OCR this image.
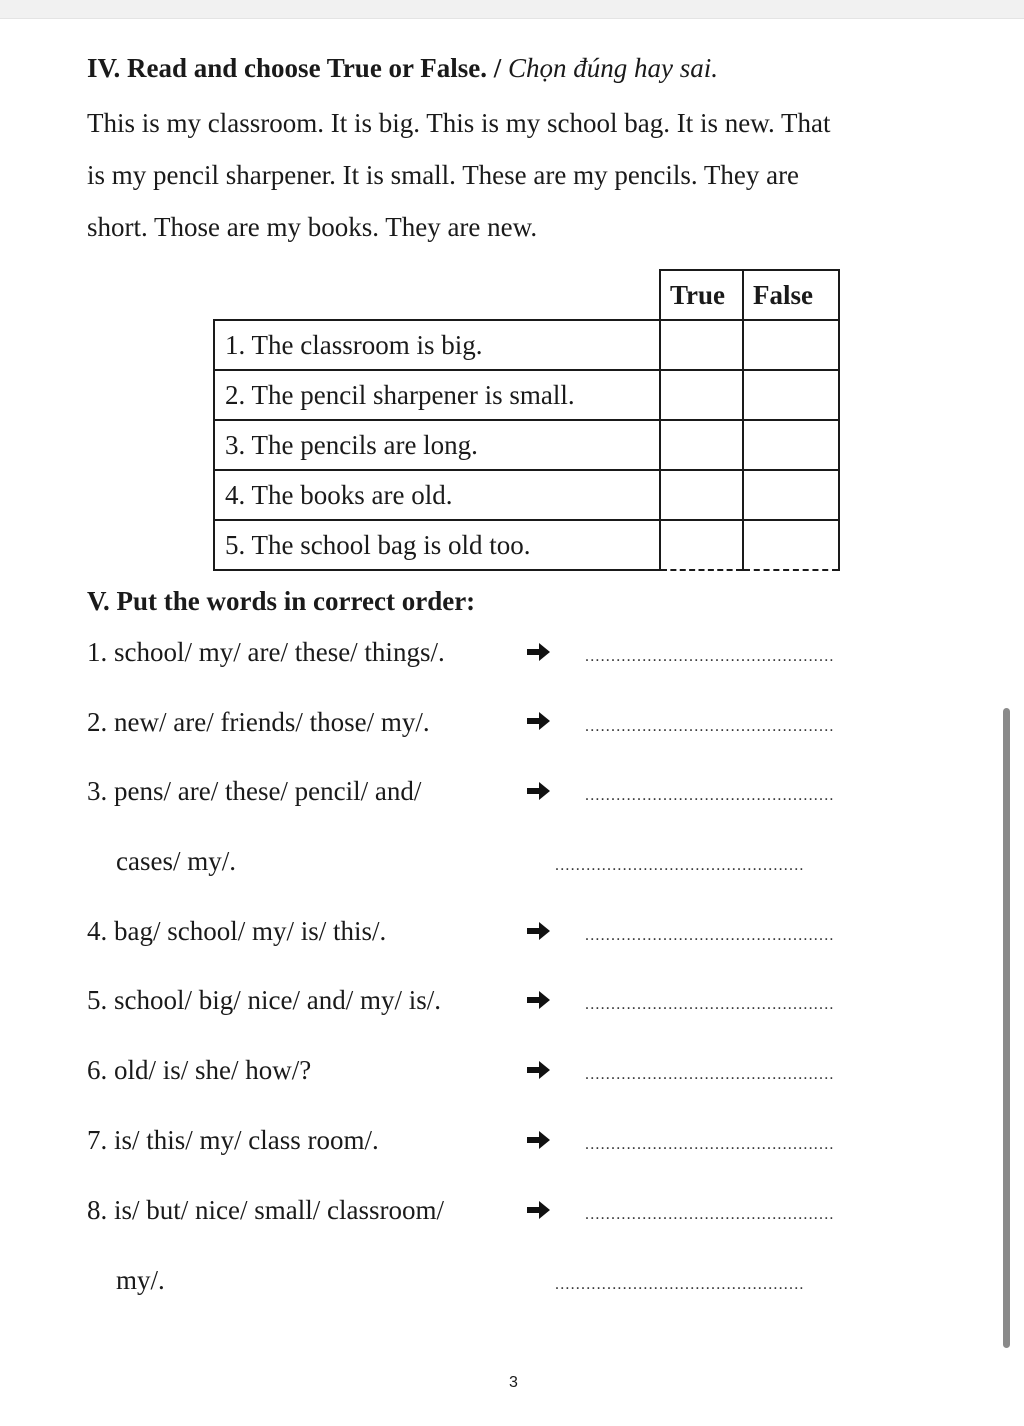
IV. Read and choose True or False. / Chọn đúng hay sai.
This is my classroom. It is big. This is my school bag. It is new. That
is my pencil sharpener. It is small. These are my pencils. They are
short. Those are my books. They are new.
	True	False
1. The classroom is big.		
2. The pencil sharpener is small.		
3. The pencils are long.		
4. The books are old.		
5. The school bag is old too.		
V. Put the words in correct order:
1. school/ my/ are/ these/ things/.	................................................
2. new/ are/ friends/ those/ my/.	................................................
3. pens/ are/ these/ pencil/ and/	................................................
cases/ my/.	................................................
4. bag/ school/ my/ is/ this/.	................................................
5. school/ big/ nice/ and/ my/ is/.	................................................
6. old/ is/ she/ how/?	................................................
7. is/ this/ my/ class room/.	................................................
8. is/ but/ nice/ small/ classroom/	................................................
my/.	................................................
3
